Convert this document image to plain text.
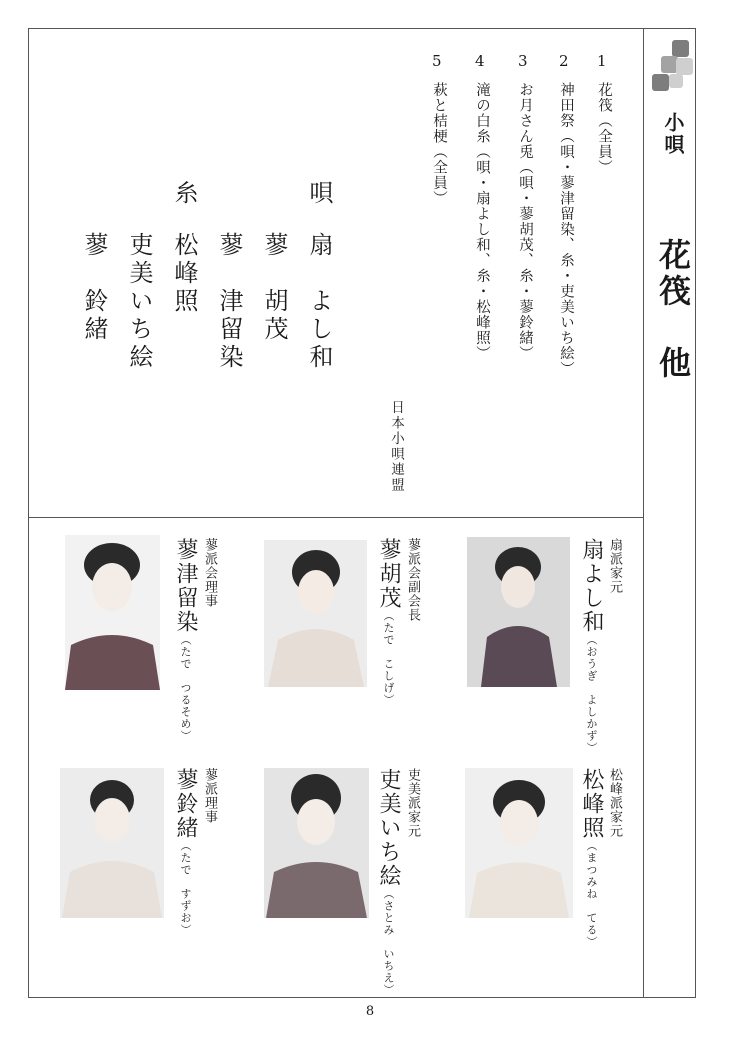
小唄
花筏　他
1
花筏（全員）
2
神田祭（唄・蓼津留染、糸・吏美いち絵）
3
お月さん兎（唄・蓼胡茂、糸・蓼鈴緒）
4
滝の白糸（唄・扇よし和、糸・松峰照）
5
萩と桔梗（全員）
日本小唄連盟
唄
扇　よし和
蓼　胡茂
蓼　津留染
糸
松峰照
吏美いち絵
蓼　鈴緒
扇派家元
扇よし和（おうぎ　よしかず）
蓼派会副会長
蓼胡茂（たで　こしげ）
蓼派会理事
蓼津留染（たで　つるそめ）
松峰派家元
松峰照（まつみね　てる）
吏美派家元
吏美いち絵（さとみ　いちえ）
蓼派理事
蓼鈴緒（たで　すずお）
8
